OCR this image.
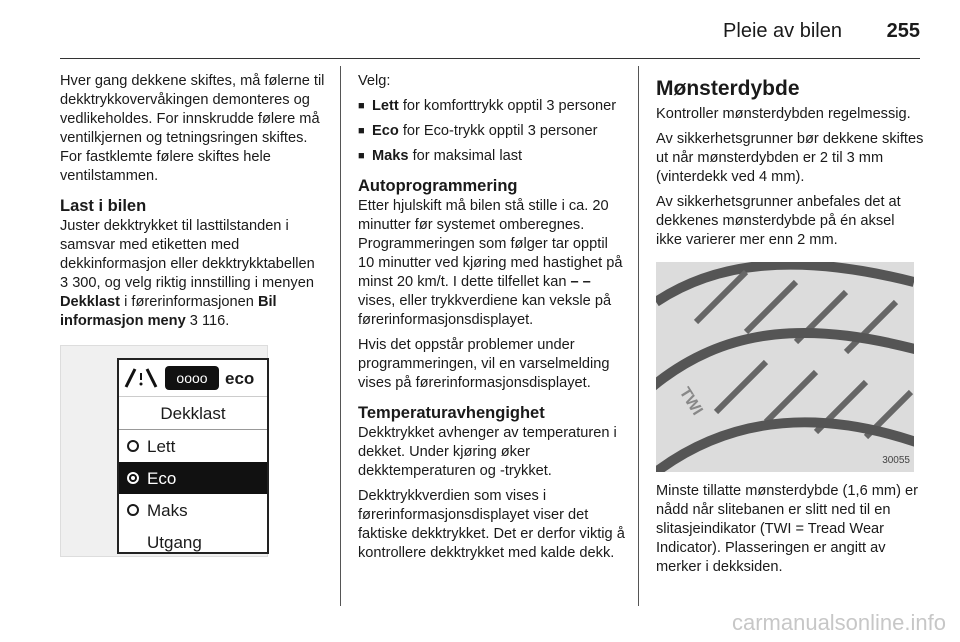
Pleie av bilen 255

Hver gang dekkene skiftes, må følerne til dekktrykkovervåkingen demonteres og vedlikeholdes. For innskrudde følere må ventilkjernen og tetningsringen skiftes. For fastklemte følere skiftes hele ventilstammen.

Last i bilen

Juster dekktrykket til lasttilstanden i samsvar med etiketten med dekkinformasjon eller dekktrykktabellen 3 300, og velg riktig innstilling i menyen Dekklast i førerinformasjonen Bil informasjon meny 3 116.

oooo	eco
Dekklast
Lett
Eco
Maks
Utgang

Velg:

■ Lett for komforttrykk opptil 3 personer
■ Eco for Eco-trykk opptil 3 personer
■ Maks for maksimal last
Autoprogrammering

Etter hjulskift må bilen stå stille i ca. 20 minutter før systemet omberegnes. Programmeringen som følger tar opptil 10 minutter ved kjøring med hastighet på minst 20 km/t. I dette tilfellet kan – – vises, eller trykkverdiene kan veksle på førerinformasjonsdisplayet.

Hvis det oppstår problemer under programmeringen, vil en varselmelding vises på førerinformasjonsdisplayet.

Temperaturavhengighet

Dekktrykket avhenger av temperaturen i dekket. Under kjøring øker dekktemperaturen og -trykket.

Dekktrykkverdien som vises i førerinformasjonsdisplayet viser det faktiske dekktrykket. Det er derfor viktig å kontrollere dekktrykket med kalde dekk.

Mønsterdybde

Kontroller mønsterdybden regelmessig.

Av sikkerhetsgrunner bør dekkene skiftes ut når mønsterdybden er 2 til 3 mm (vinterdekk ved 4 mm).

Av sikkerhetsgrunner anbefales det at dekkenes mønsterdybde på én aksel ikke varierer mer enn 2 mm.

TWI
30055

Minste tillatte mønsterdybde (1,6 mm) er nådd når slitebanen er slitt ned til en slitasjeindikator (TWI = Tread Wear Indicator). Plasseringen er angitt av merker i dekksiden.

carmanualsonline.info
